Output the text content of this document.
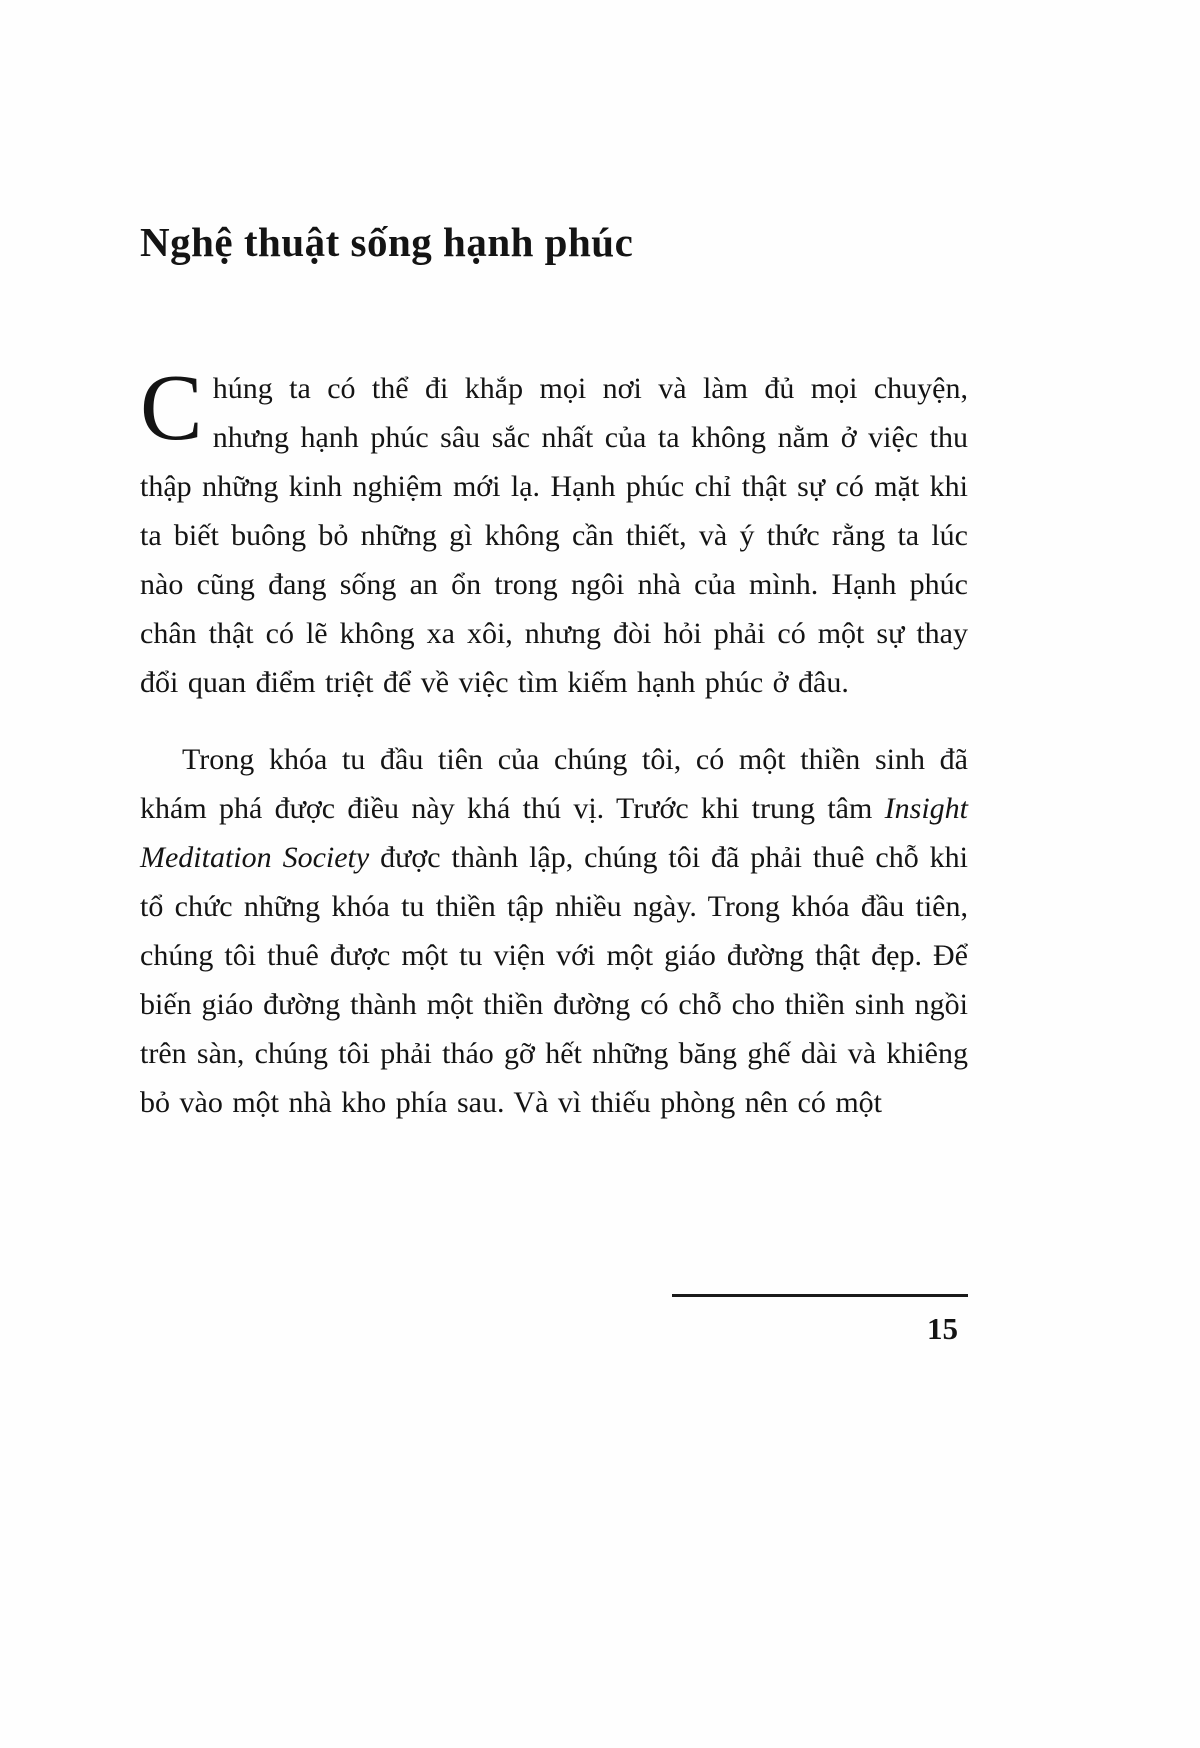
Nghệ thuật sống hạnh phúc

Chúng ta có thể đi khắp mọi nơi và làm đủ mọi chuyện, nhưng hạnh phúc sâu sắc nhất của ta không nằm ở việc thu thập những kinh nghiệm mới lạ. Hạnh phúc chỉ thật sự có mặt khi ta biết buông bỏ những gì không cần thiết, và ý thức rằng ta lúc nào cũng đang sống an ổn trong ngôi nhà của mình. Hạnh phúc chân thật có lẽ không xa xôi, nhưng đòi hỏi phải có một sự thay đổi quan điểm triệt để về việc tìm kiếm hạnh phúc ở đâu.

Trong khóa tu đầu tiên của chúng tôi, có một thiền sinh đã khám phá được điều này khá thú vị. Trước khi trung tâm Insight Meditation Society được thành lập, chúng tôi đã phải thuê chỗ khi tổ chức những khóa tu thiền tập nhiều ngày. Trong khóa đầu tiên, chúng tôi thuê được một tu viện với một giáo đường thật đẹp. Để biến giáo đường thành một thiền đường có chỗ cho thiền sinh ngồi trên sàn, chúng tôi phải tháo gỡ hết những băng ghế dài và khiêng bỏ vào một nhà kho phía sau. Và vì thiếu phòng nên có một

15
